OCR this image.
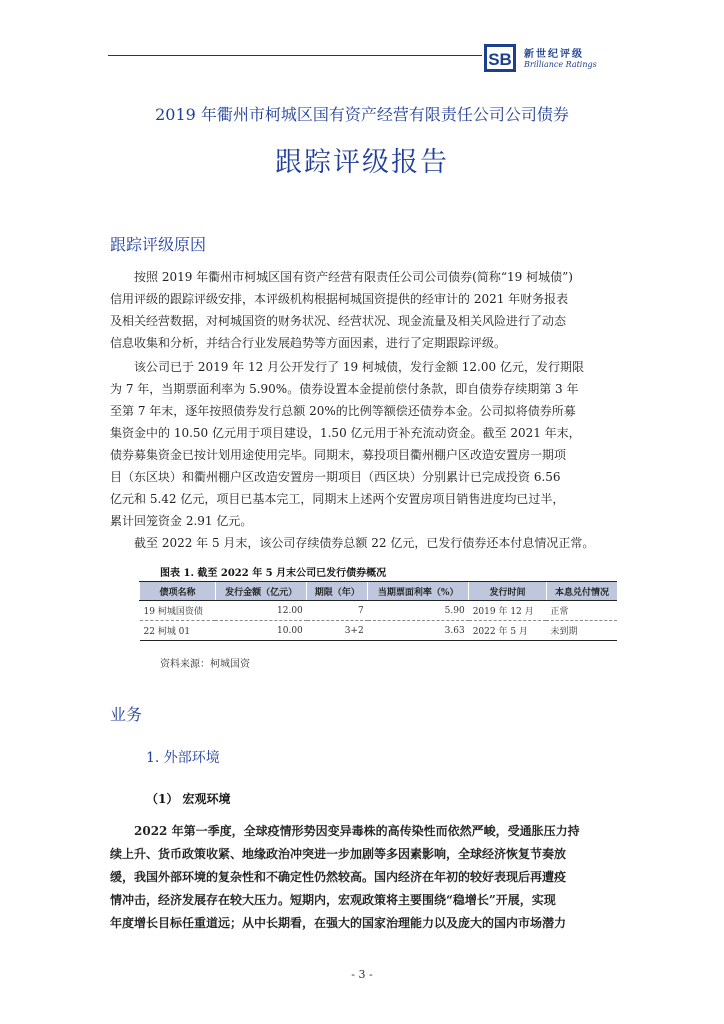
SB 新世纪评级
Brilliance Ratings
2019 年衢州市柯城区国有资产经营有限责任公司公司债券
跟踪评级报告
跟踪评级原因
按照 2019 年衢州市柯城区国有资产经营有限责任公司公司债券(简称“19 柯城债”)
信用评级的跟踪评级安排，本评级机构根据柯城国资提供的经审计的 2021 年财务报表
及相关经营数据，对柯城国资的财务状况、经营状况、现金流量及相关风险进行了动态
信息收集和分析，并结合行业发展趋势等方面因素，进行了定期跟踪评级。
该公司已于 2019 年 12 月公开发行了 19 柯城债，发行金额 12.00 亿元，发行期限
为 7 年，当期票面利率为 5.90%。债券设置本金提前偿付条款，即自债券存续期第 3 年
至第 7 年末，逐年按照债券发行总额 20%的比例等额偿还债券本金。公司拟将债券所募
集资金中的 10.50 亿元用于项目建设，1.50 亿元用于补充流动资金。截至 2021 年末，
债券募集资金已按计划用途使用完毕。同期末，募投项目衢州棚户区改造安置房一期项
目（东区块）和衢州棚户区改造安置房一期项目（西区块）分别累计已完成投资 6.56
亿元和 5.42 亿元，项目已基本完工，同期末上述两个安置房项目销售进度均已过半，
累计回笼资金 2.91 亿元。
截至 2022 年 5 月末，该公司存续债券总额 22 亿元，已发行债券还本付息情况正常。
图表 1. 截至 2022 年 5 月末公司已发行债券概况
债项名称	发行金额（亿元）	期限（年）	当期票面利率（%）	发行时间	本息兑付情况
19 柯城国资债	12.00	7	5.90	2019 年 12 月	正常
22 柯城 01	10.00	3+2	3.63	2022 年 5 月	未到期
资料来源：柯城国资
业务
1. 外部环境
（1） 宏观环境
2022 年第一季度，全球疫情形势因变异毒株的高传染性而依然严峻，受通胀压力持
续上升、货币政策收紧、地缘政治冲突进一步加剧等多因素影响，全球经济恢复节奏放
缓，我国外部环境的复杂性和不确定性仍然较高。国内经济在年初的较好表现后再遭疫
情冲击，经济发展存在较大压力。短期内，宏观政策将主要围绕“稳增长”开展，实现
年度增长目标任重道远；从中长期看，在强大的国家治理能力以及庞大的国内市场潜力
- 3 -
